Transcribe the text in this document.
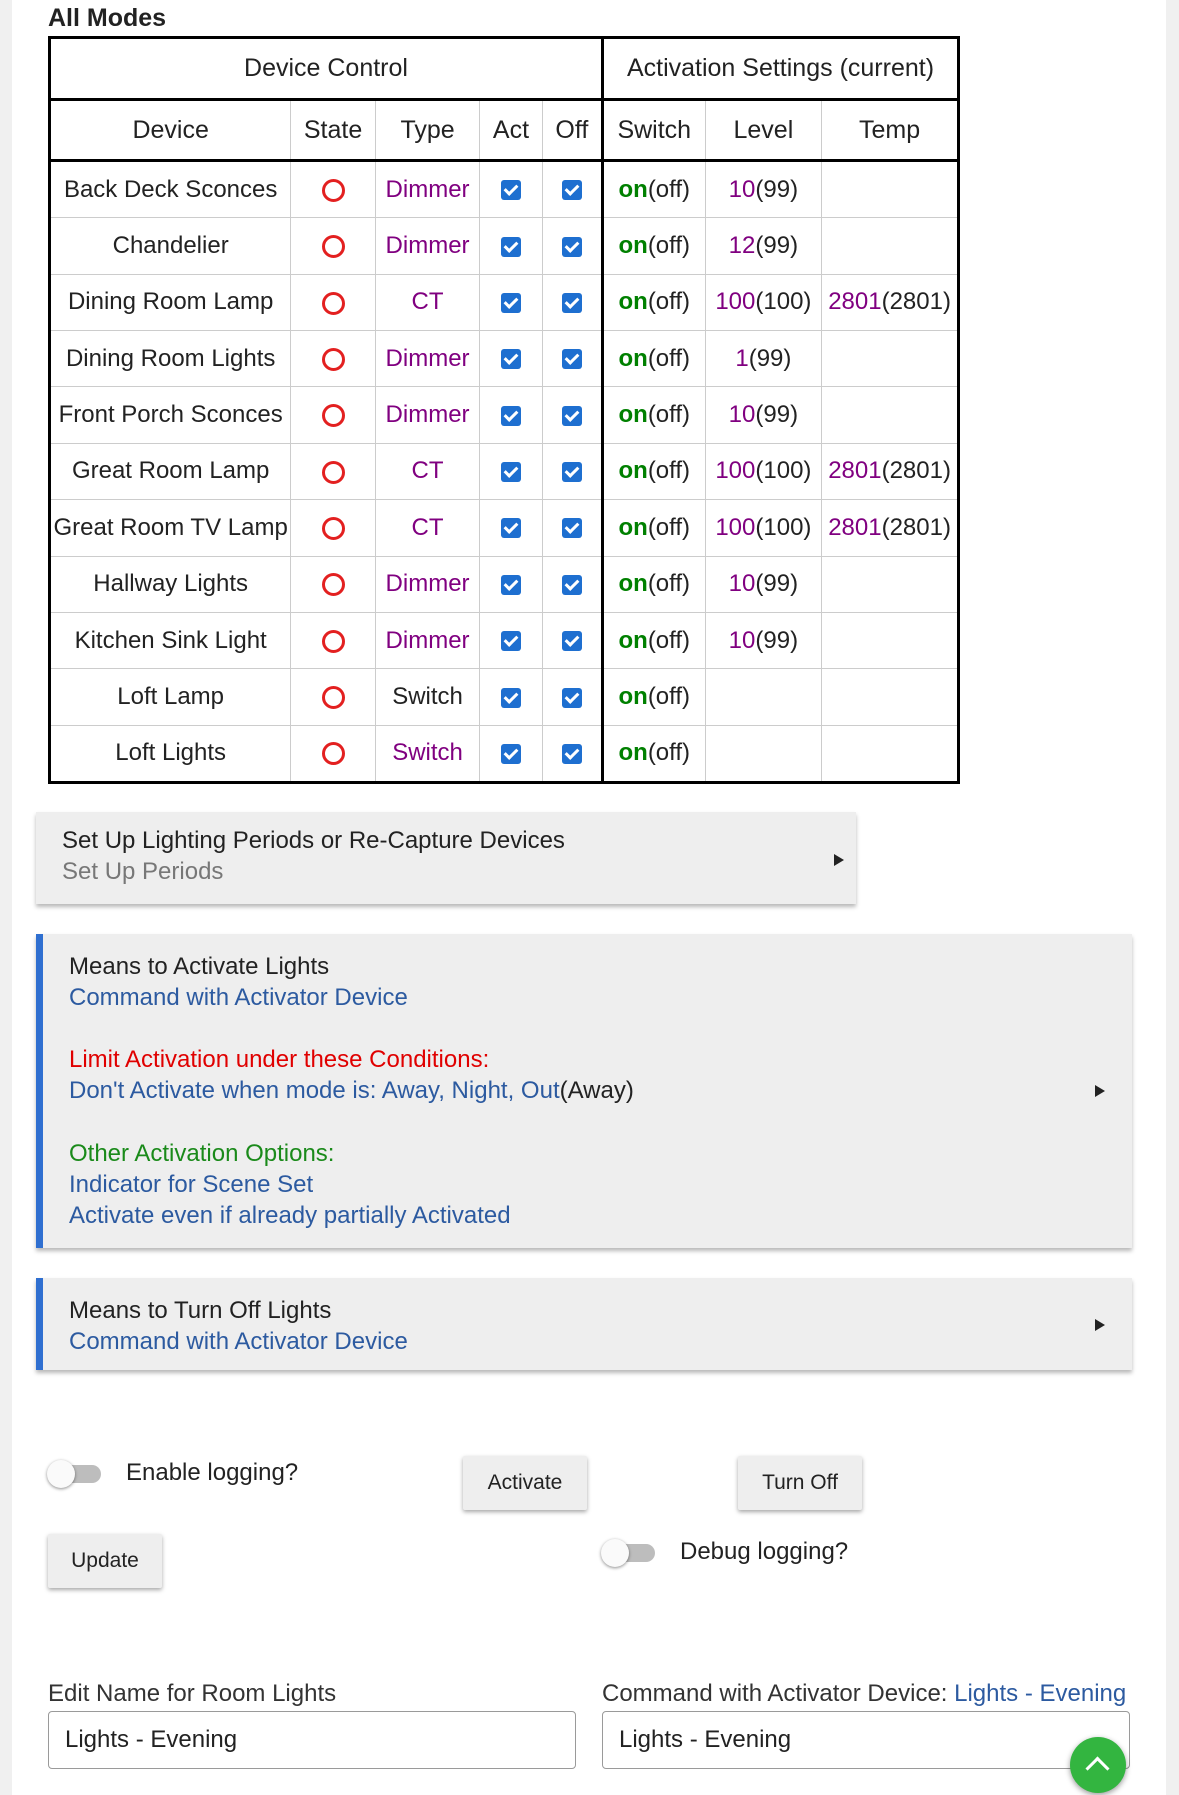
All Modes
Device Control					Activation Settings (current)		
Device	State	Type	Act	Off	Switch	Level	Temp
Back Deck Sconces		Dimmer			on(off)	10(99)	
Chandelier		Dimmer			on(off)	12(99)	
Dining Room Lamp		CT			on(off)	100(100)	2801(2801)
Dining Room Lights		Dimmer			on(off)	1(99)	
Front Porch Sconces		Dimmer			on(off)	10(99)	
Great Room Lamp		CT			on(off)	100(100)	2801(2801)
Great Room TV Lamp		CT			on(off)	100(100)	2801(2801)
Hallway Lights		Dimmer			on(off)	10(99)	
Kitchen Sink Light		Dimmer			on(off)	10(99)	
Loft Lamp		Switch			on(off)		
Loft Lights		Switch			on(off)		
Set Up Lighting Periods or Re-Capture Devices
Set Up Periods
Means to Activate Lights
Command with Activator Device
Limit Activation under these Conditions:
Don't Activate when mode is: Away, Night, Out(Away)
Other Activation Options:
Indicator for Scene Set
Activate even if already partially Activated
Means to Turn Off Lights
Command with Activator Device
Enable logging?	Activate	Turn Off
Update	Debug logging?
Edit Name for Room Lights
Lights - Evening	Command with Activator Device: Lights - Evening
Lights - Evening
